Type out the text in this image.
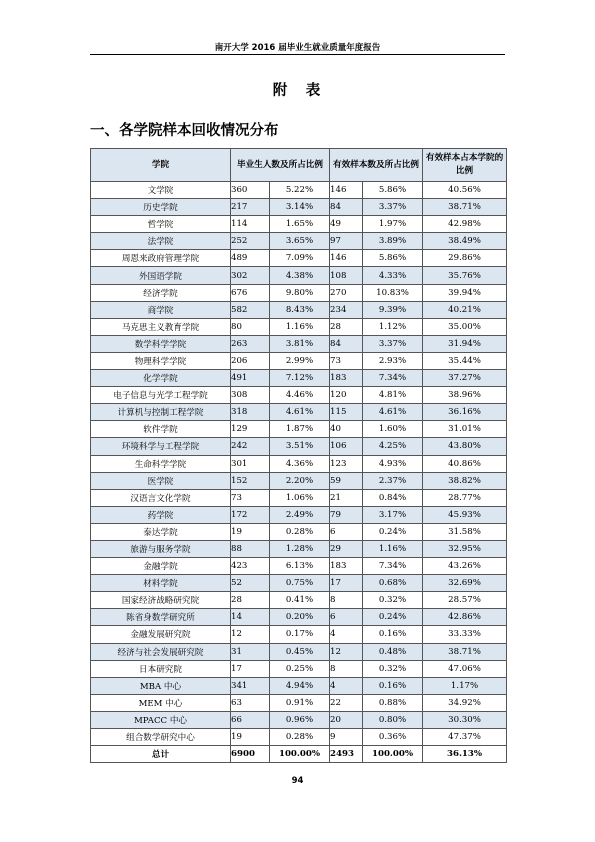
南开大学 2016 届毕业生就业质量年度报告
附　表
一、各学院样本回收情况分布
学院	毕业生人数及所占比例		有效样本数及所占比例		有效样本占本学院的比例
文学院	360	5.22%	146	5.86%	40.56%
历史学院	217	3.14%	84	3.37%	38.71%
哲学院	114	1.65%	49	1.97%	42.98%
法学院	252	3.65%	97	3.89%	38.49%
周恩来政府管理学院	489	7.09%	146	5.86%	29.86%
外国语学院	302	4.38%	108	4.33%	35.76%
经济学院	676	9.80%	270	10.83%	39.94%
商学院	582	8.43%	234	9.39%	40.21%
马克思主义教育学院	80	1.16%	28	1.12%	35.00%
数学科学学院	263	3.81%	84	3.37%	31.94%
物理科学学院	206	2.99%	73	2.93%	35.44%
化学学院	491	7.12%	183	7.34%	37.27%
电子信息与光学工程学院	308	4.46%	120	4.81%	38.96%
计算机与控制工程学院	318	4.61%	115	4.61%	36.16%
软件学院	129	1.87%	40	1.60%	31.01%
环境科学与工程学院	242	3.51%	106	4.25%	43.80%
生命科学学院	301	4.36%	123	4.93%	40.86%
医学院	152	2.20%	59	2.37%	38.82%
汉语言文化学院	73	1.06%	21	0.84%	28.77%
药学院	172	2.49%	79	3.17%	45.93%
泰达学院	19	0.28%	6	0.24%	31.58%
旅游与服务学院	88	1.28%	29	1.16%	32.95%
金融学院	423	6.13%	183	7.34%	43.26%
材料学院	52	0.75%	17	0.68%	32.69%
国家经济战略研究院	28	0.41%	8	0.32%	28.57%
陈省身数学研究所	14	0.20%	6	0.24%	42.86%
金融发展研究院	12	0.17%	4	0.16%	33.33%
经济与社会发展研究院	31	0.45%	12	0.48%	38.71%
日本研究院	17	0.25%	8	0.32%	47.06%
MBA 中心	341	4.94%	4	0.16%	1.17%
MEM 中心	63	0.91%	22	0.88%	34.92%
MPACC 中心	66	0.96%	20	0.80%	30.30%
组合数学研究中心	19	0.28%	9	0.36%	47.37%
总计	6900	100.00%	2493	100.00%	36.13%
94
